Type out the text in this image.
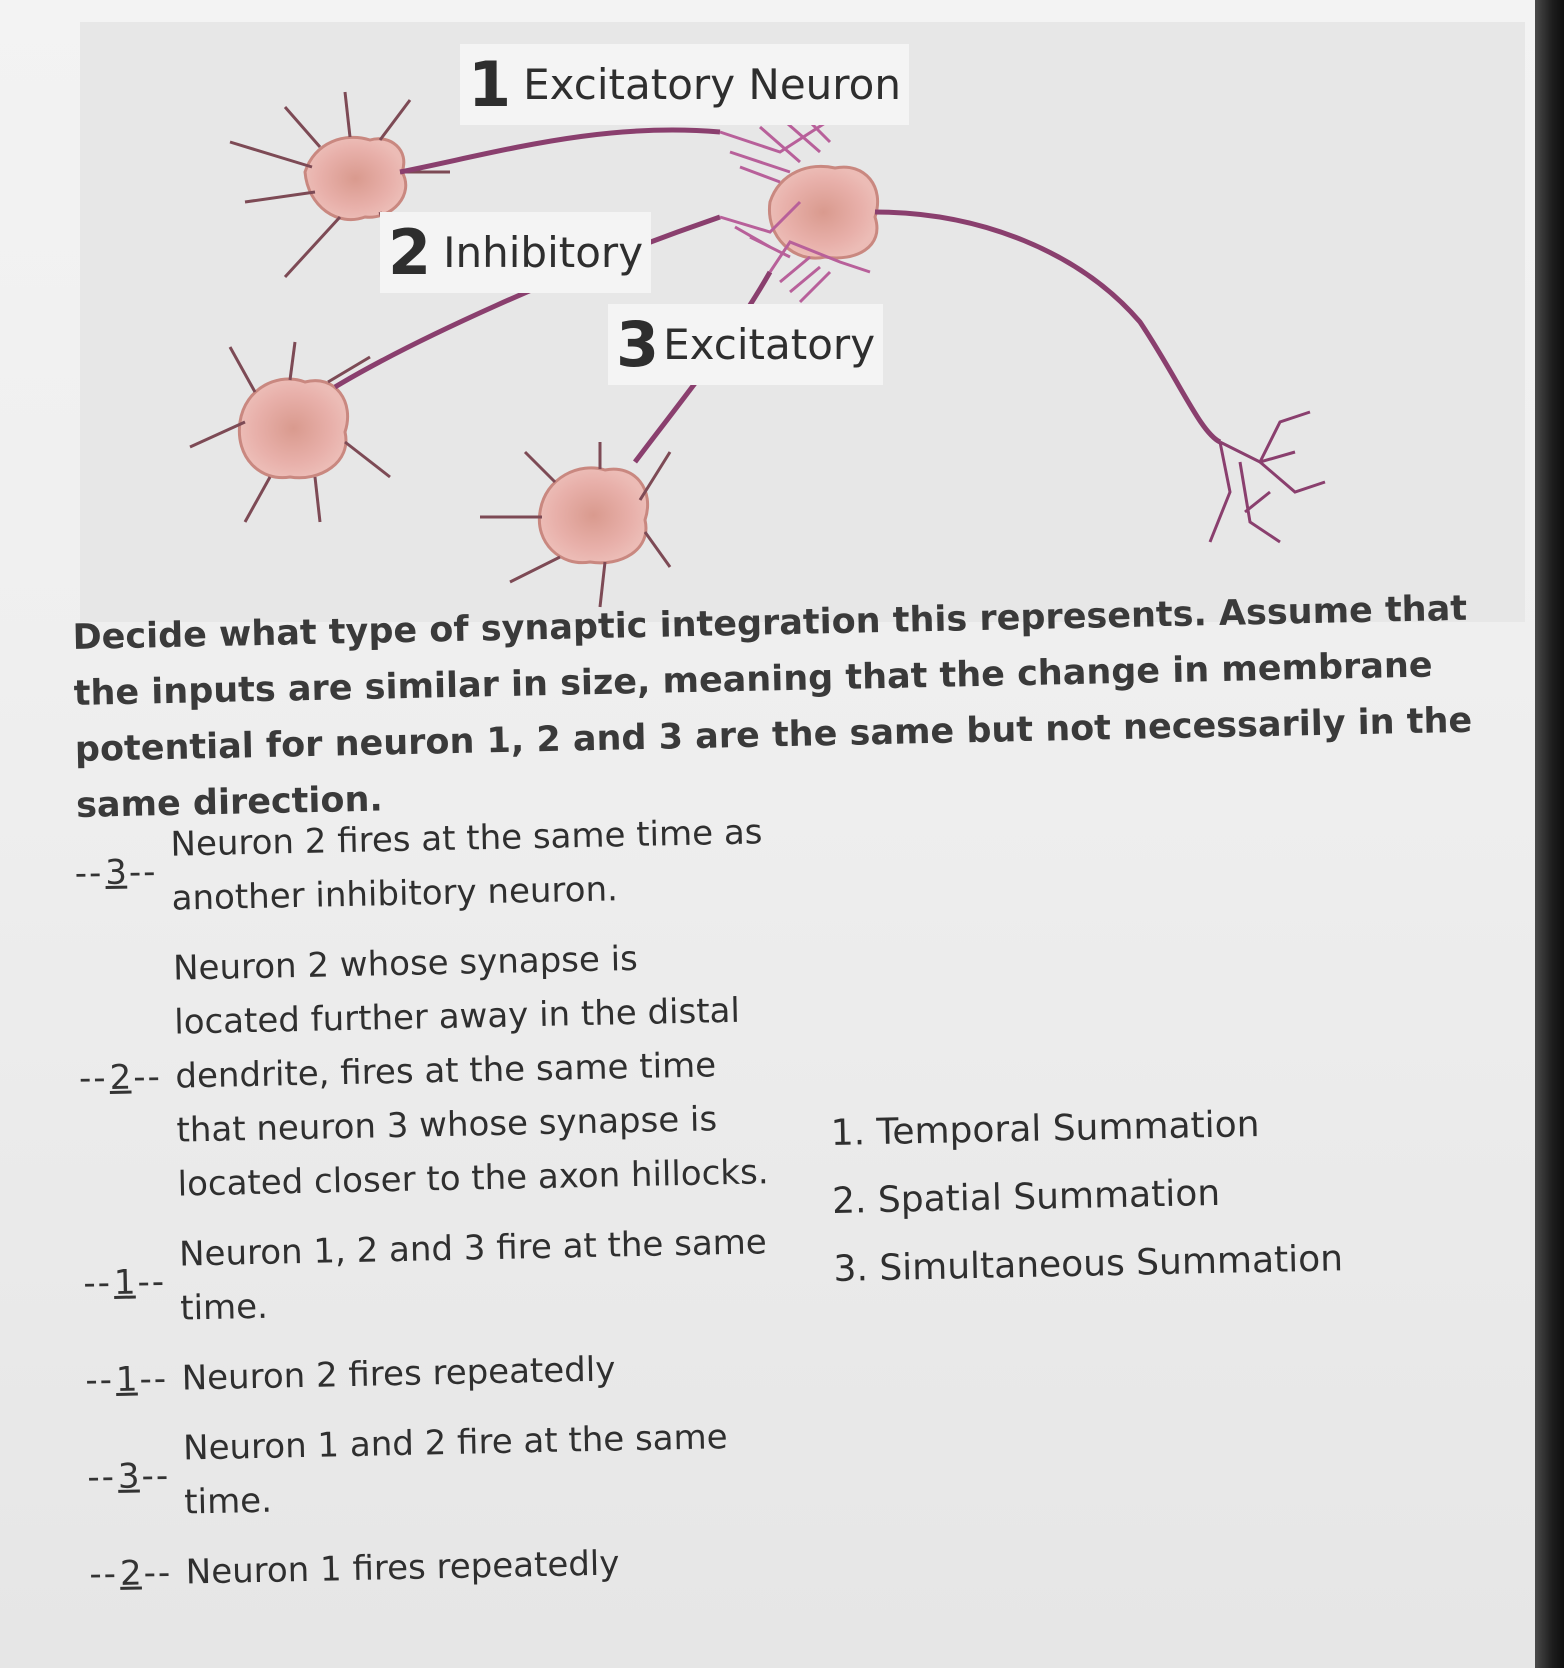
1 Excitatory Neuron
2 Inhibitory
3Excitatory
Decide what type of synaptic integration this represents. Assume that the inputs are similar in size, meaning that the change in membrane potential for neuron 1, 2 and 3 are the same but not necessarily in the same direction.
--3--
Neuron 2 fires at the same time as another inhibitory neuron.
--2--
Neuron 2 whose synapse is located further away in the distal dendrite, fires at the same time that neuron 3 whose synapse is located closer to the axon hillocks.
--1--
Neuron 1, 2 and 3 fire at the same time.
--1-- Neuron 2 fires repeatedly
--3--
Neuron 1 and 2 fire at the same time.
--2-- Neuron 1 fires repeatedly
1. Temporal Summation
2. Spatial Summation
3. Simultaneous Summation
